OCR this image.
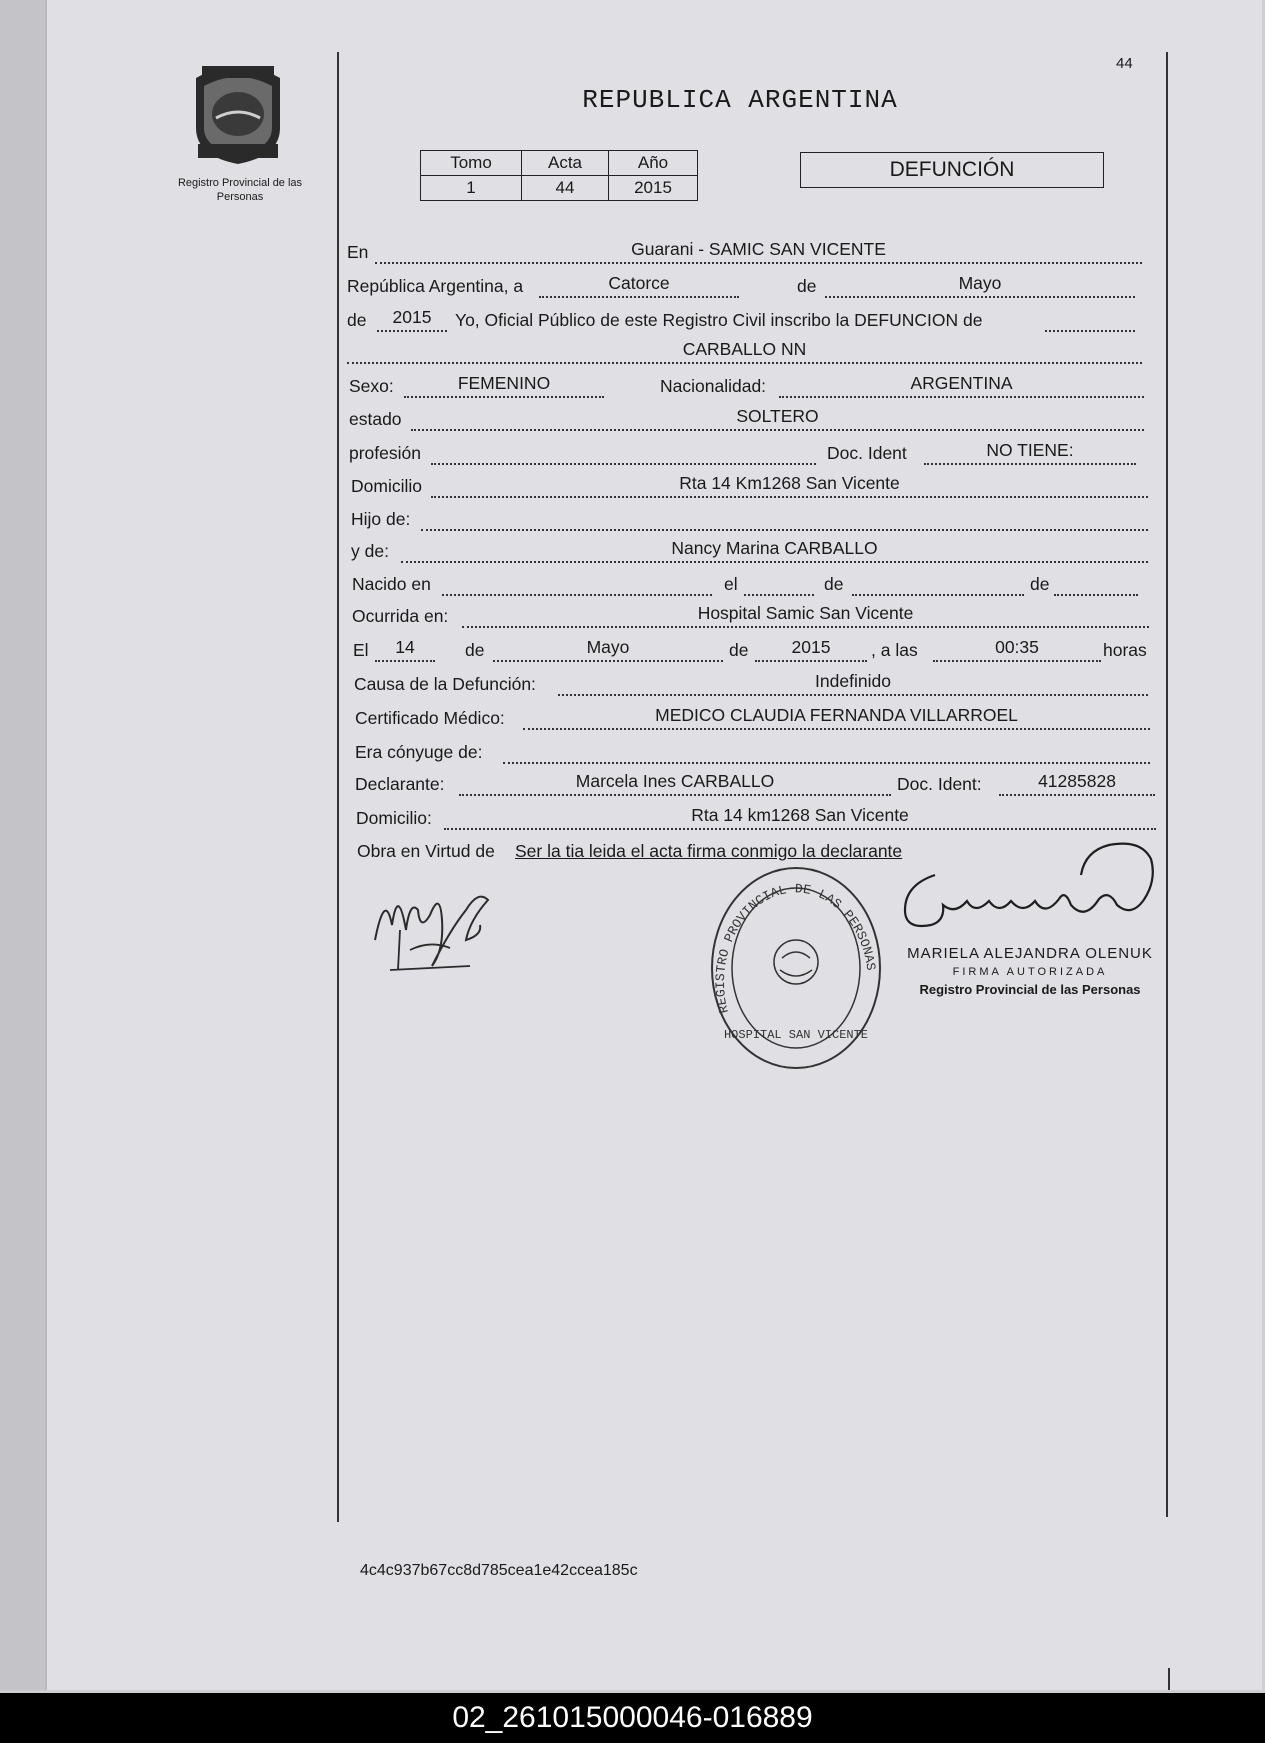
Registro Provincial de las Personas
44
REPUBLICA ARGENTINA
Tomo	Acta	Año
1	44	2015
DEFUNCIÓN
En	Guarani - SAMIC SAN VICENTE
República Argentina, a	Catorce	de	Mayo
de	2015	Yo, Oficial Público de este Registro Civil inscribo la DEFUNCION de
CARBALLO NN
Sexo:	FEMENINO	Nacionalidad:	ARGENTINA
estado	SOLTERO
profesión	Doc. Ident	NO TIENE:
Domicilio	Rta 14 Km1268 San Vicente
Hijo de:
y de:	Nancy Marina CARBALLO
Nacido en	el	de	de
Ocurrida en:	Hospital Samic San Vicente
El	14	de	Mayo	de	2015	, a las	00:35	horas
Causa de la Defunción:	Indefinido
Certificado Médico:	MEDICO CLAUDIA FERNANDA VILLARROEL
Era cónyuge de:
Declarante:	Marcela Ines CARBALLO	Doc. Ident:	41285828
Domicilio:	Rta 14 km1268 San Vicente
Obra en Virtud de Ser la tia leida el acta firma conmigo la declarante
REGISTRO PROVINCIAL DE LAS PERSONAS
HOSPITAL SAN VICENTE
MARIELA ALEJANDRA OLENUK
FIRMA AUTORIZADA
Registro Provincial de las Personas
4c4c937b67cc8d785cea1e42ccea185c
02_261015000046-016889
